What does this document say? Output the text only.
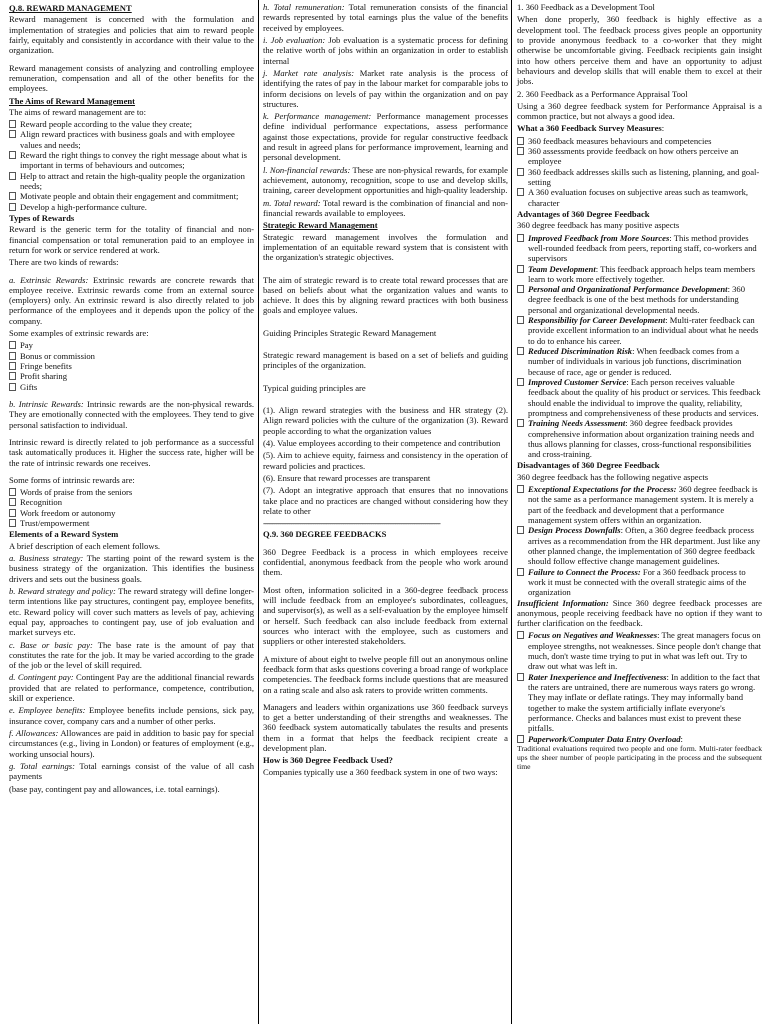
Q.8. REWARD MANAGEMENT

Reward management is concerned with the formulation and implementation of strategies and policies that aim to reward people fairly, equitably and consistently in accordance with their value to the organization.

Reward management consists of analyzing and controlling employee remuneration, compensation and all of the other benefits for the employees.

The Aims of Reward Management

The aims of reward management are to:

Reward people according to the value they create;
Align reward practices with business goals and with employee values and needs;
Reward the right things to convey the right message about what is important in terms of behaviours and outcomes;
Help to attract and retain the high-quality people the organization needs;
Motivate people and obtain their engagement and commitment;
Develop a high-performance culture.

Types of Rewards

Reward is the generic term for the totality of financial and non-financial compensation or total remuneration paid to an employee in return for work or service rendered at work.

There are two kinds of rewards:

a. Extrinsic Rewards: Extrinsic rewards are concrete rewards that employee receive. Extrinsic rewards come from an external source (employers) only. An extrinsic reward is also directly related to job performance of the employees and it depends upon the policy of the company.

Some examples of extrinsic rewards are:

Pay
Bonus or commission
Fringe benefits
Profit sharing
Gifts

b. Intrinsic Rewards: Intrinsic rewards are the non-physical rewards. They are emotionally connected with the employees. They tend to give personal satisfaction to individual.

Intrinsic reward is directly related to job performance as a successful task automatically produces it. Higher the success rate, higher will be the rate of intrinsic rewards one receives.

Some forms of intrinsic rewards are:

Words of praise from the seniors
Recognition
Work freedom or autonomy
Trust/empowerment

Elements of a Reward System

A brief description of each element follows.

a. Business strategy: The starting point of the reward system is the business strategy of the organization. This identifies the business drivers and sets out the business goals.

b. Reward strategy and policy: The reward strategy will define longer-term intentions like pay structures, contingent pay, employee benefits, etc. Reward policy will cover such matters as levels of pay, achieving equal pay, approaches to contingent pay, use of job evaluation and market surveys etc.

c. Base or basic pay: The base rate is the amount of pay that constitutes the rate for the job. It may be varied according to the grade of the job or the level of skill required.

d. Contingent pay: Contingent Pay are the additional financial rewards provided that are related to performance, competence, contribution, skill or experience.

e. Employee benefits: Employee benefits include pensions, sick pay, insurance cover, company cars and a number of other perks.

f. Allowances: Allowances are paid in addition to basic pay for special circumstances (e.g., living in London) or features of employment (e.g., working unsocial hours).

g. Total earnings: Total earnings consist of the value of all cash payments

(base pay, contingent pay and allowances, i.e. total earnings).

h. Total remuneration: Total remuneration consists of the financial rewards represented by total earnings plus the value of the benefits received by employees.

i. Job evaluation: Job evaluation is a systematic process for defining the relative worth of jobs within an organization in order to establish internal

j. Market rate analysis: Market rate analysis is the process of identifying the rates of pay in the labour market for comparable jobs to inform decisions on levels of pay within the organization and on pay structures.

k. Performance management: Performance management processes define individual performance expectations, assess performance against those expectations, provide for regular constructive feedback and result in agreed plans for performance improvement, learning and personal development.

l. Non-financial rewards: These are non-physical rewards, for example achievement, autonomy, recognition, scope to use and develop skills, training, career development opportunities and high-quality leadership.

m. Total reward: Total reward is the combination of financial and non-financial rewards available to employees.

Strategic Reward Management

Strategic reward management involves the formulation and implementation of an equitable reward system that is consistent with the organization's strategic objectives.

The aim of strategic reward is to create total reward processes that are based on beliefs about what the organization values and wants to achieve. It does this by aligning reward practices with both business goals and employee values.

Guiding Principles Strategic Reward Management

Strategic reward management is based on a set of beliefs and guiding principles of the organization.

Typical guiding principles are

(1). Align reward strategies with the business and HR strategy (2). Align reward policies with the culture of the organization (3). Reward people according to what the organization values

(4). Value employees according to their competence and contribution

(5). Aim to achieve equity, fairness and consistency in the operation of reward policies and practices.

(6). Ensure that reward processes are transparent

(7). Adopt an integrative approach that ensures that no innovations take place and no practices are changed without considering how they relate to other

-----------------------------------------------------------------------------------------------

Q.9. 360 DEGREE FEEDBACKS

360 Degree Feedback is a process in which employees receive confidential, anonymous feedback from the people who work around them.

Most often, information solicited in a 360-degree feedback process will include feedback from an employee's subordinates, colleagues, and supervisor(s), as well as a self-evaluation by the employee himself or herself. Such feedback can also include feedback from external sources who interact with the employee, such as customers and suppliers or other interested stakeholders.

A mixture of about eight to twelve people fill out an anonymous online feedback form that asks questions covering a broad range of workplace competencies. The feedback forms include questions that are measured on a rating scale and also ask raters to provide written comments.

Managers and leaders within organizations use 360 feedback surveys to get a better understanding of their strengths and weaknesses. The 360 feedback system automatically tabulates the results and presents them in a format that helps the feedback recipient create a development plan.

How is 360 Degree Feedback Used?

Companies typically use a 360 feedback system in one of two ways:

1. 360 Feedback as a Development Tool

When done properly, 360 feedback is highly effective as a development tool. The feedback process gives people an opportunity to provide anonymous feedback to a co-worker that they might otherwise be uncomfortable giving. Feedback recipients gain insight into how others perceive them and have an opportunity to adjust behaviours and develop skills that will enable them to excel at their jobs.

2. 360 Feedback as a Performance Appraisal Tool

Using a 360 degree feedback system for Performance Appraisal is a common practice, but not always a good idea.

What a 360 Feedback Survey Measures:

360 feedback measures behaviours and competencies
360 assessments provide feedback on how others perceive an employee
360 feedback addresses skills such as listening, planning, and goal- setting
A 360 evaluation focuses on subjective areas such as teamwork, character

Advantages of 360 Degree Feedback

360 degree feedback has many positive aspects

Improved Feedback from More Sources: This method provides well-rounded feedback from peers, reporting staff, co-workers and supervisors
Team Development: This feedback approach helps team members learn to work more effectively together.
Personal and Organizational Performance Development: 360 degree feedback is one of the best methods for understanding personal and organizational developmental needs.
Responsibility for Career Development: Multi-rater feedback can provide excellent information to an individual about what he needs to do to enhance his career.
Reduced Discrimination Risk: When feedback comes from a number of individuals in various job functions, discrimination because of race, age or gender is reduced.
Improved Customer Service: Each person receives valuable feedback about the quality of his product or services. This feedback should enable the individual to improve the quality, reliability, promptness and comprehensiveness of these products and services.
Training Needs Assessment: 360 degree feedback provides comprehensive information about organization training needs and thus allows planning for classes, cross-functional responsibilities and cross-training.

Disadvantages of 360 Degree Feedback

360 degree feedback has the following negative aspects

Exceptional Expectations for the Process: 360 degree feedback is not the same as a performance management system. It is merely a part of the feedback and development that a performance management system offers within an organization.
Design Process Downfalls: Often, a 360 degree feedback process arrives as a recommendation from the HR department. Just like any other planned change, the implementation of 360 degree feedback should follow effective change management guidelines.
Failure to Connect the Process: For a 360 feedback process to work it must be connected with the overall strategic aims of the organization

Insufficient Information: Since 360 degree feedback processes are anonymous, people receiving feedback have no option if they want to further clarification on the feedback.

Focus on Negatives and Weaknesses: The great managers focus on employee strengths, not weaknesses. Since people don't change that much, don't waste time trying to put in what was left out. Try to draw out what was left in.
Rater Inexperience and Ineffectiveness: In addition to the fact that the raters are untrained, there are numerous ways raters go wrong. They may inflate or deflate ratings. They may informally band together to make the system artificially inflate everyone's performance. Checks and balances must exist to prevent these pitfalls.
Paperwork/Computer Data Entry Overload:

Traditional evaluations required two people and one form. Multi-rater feedback ups the sheer number of people participating in the process and the subsequent time
